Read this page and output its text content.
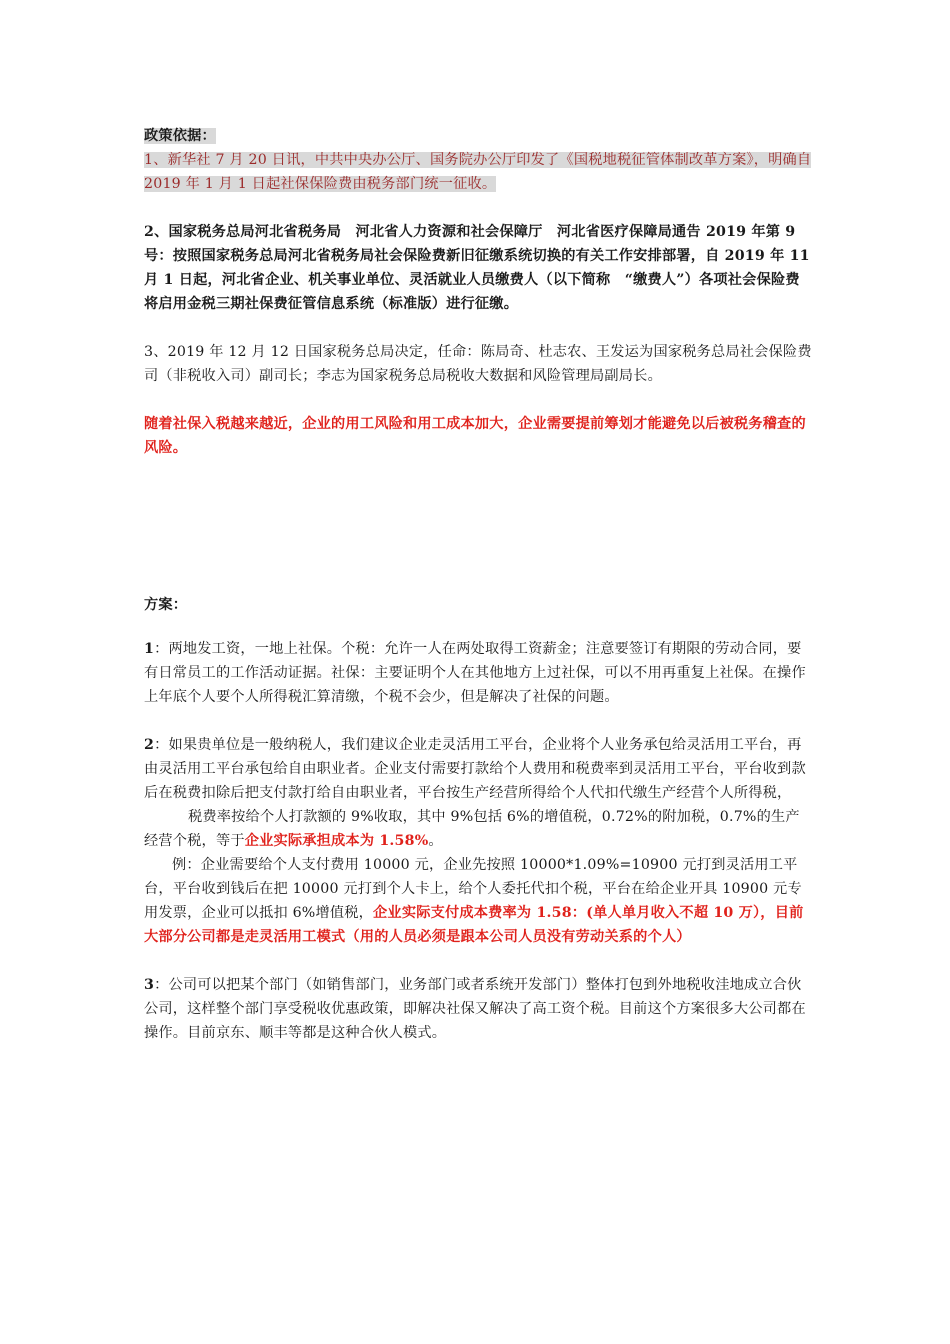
政策依据：

1、新华社 7 月 20 日讯，中共中央办公厅、国务院办公厅印发了《国税地税征管体制改革方案》，明确自 2019 年 1 月 1 日起社保保险费由税务部门统一征收。

2、国家税务总局河北省税务局　河北省人力资源和社会保障厅　河北省医疗保障局通告 2019 年第 9 号：按照国家税务总局河北省税务局社会保险费新旧征缴系统切换的有关工作安排部署，自 2019 年 11 月 1 日起，河北省企业、机关事业单位、灵活就业人员缴费人（以下简称　“缴费人”）各项社会保险费将启用金税三期社保费征管信息系统（标准版）进行征缴。

3、2019 年 12 月 12 日国家税务总局决定，任命：陈局奇、杜志农、王发运为国家税务总局社会保险费司（非税收入司）副司长；李志为国家税务总局税收大数据和风险管理局副局长。

随着社保入税越来越近，企业的用工风险和用工成本加大，企业需要提前筹划才能避免以后被税务稽查的风险。

方案：

1：两地发工资，一地上社保。个税：允许一人在两处取得工资薪金；注意要签订有期限的劳动合同，要有日常员工的工作活动证据。社保：主要证明个人在其他地方上过社保，可以不用再重复上社保。在操作上年底个人要个人所得税汇算清缴，个税不会少，但是解决了社保的问题。

2：如果贵单位是一般纳税人，我们建议企业走灵活用工平台，企业将个人业务承包给灵活用工平台，再由灵活用工平台承包给自由职业者。企业支付需要打款给个人费用和税费率到灵活用工平台，平台收到款后在税费扣除后把支付款打给自由职业者，平台按生产经营所得给个人代扣代缴生产经营个人所得税，

税费率按给个人打款额的 9%收取，其中 9%包括 6%的增值税，0.72%的附加税，0.7%的生产经营个税，等于企业实际承担成本为 1.58%。

例：企业需要给个人支付费用 10000 元，企业先按照 10000*1.09%=10900 元打到灵活用工平台，平台收到钱后在把 10000 元打到个人卡上，给个人委托代扣个税，平台在给企业开具 10900 元专用发票，企业可以抵扣 6%增值税，企业实际支付成本费率为 1.58：(单人单月收入不超 10 万），目前大部分公司都是走灵活用工模式（用的人员必须是跟本公司人员没有劳动关系的个人）

3：公司可以把某个部门（如销售部门，业务部门或者系统开发部门）整体打包到外地税收洼地成立合伙公司，这样整个部门享受税收优惠政策，即解决社保又解决了高工资个税。目前这个方案很多大公司都在操作。目前京东、顺丰等都是这种合伙人模式。
